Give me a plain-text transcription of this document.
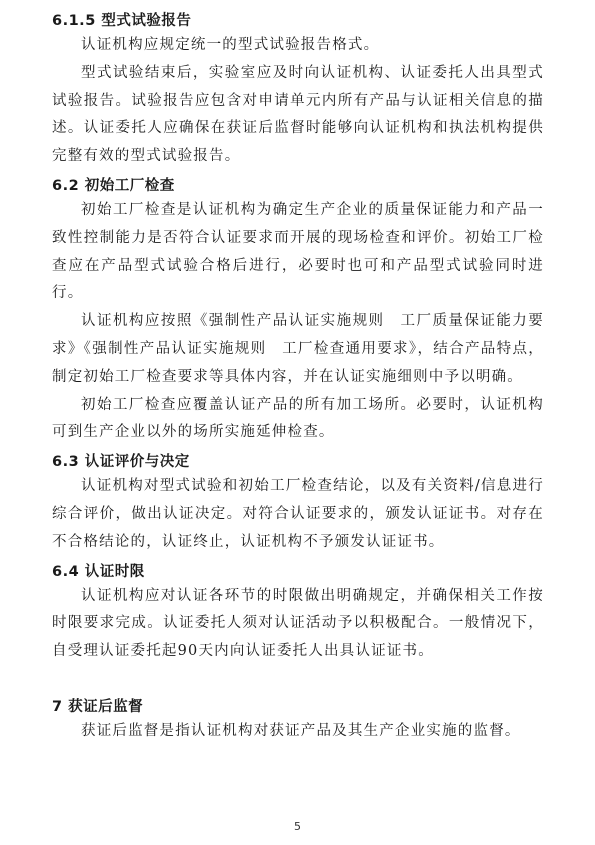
6.1.5 型式试验报告

认证机构应规定统一的型式试验报告格式。

型式试验结束后，实验室应及时向认证机构、认证委托人出具型式试验报告。试验报告应包含对申请单元内所有产品与认证相关信息的描述。认证委托人应确保在获证后监督时能够向认证机构和执法机构提供完整有效的型式试验报告。

6.2 初始工厂检查

初始工厂检查是认证机构为确定生产企业的质量保证能力和产品一致性控制能力是否符合认证要求而开展的现场检查和评价。初始工厂检查应在产品型式试验合格后进行，必要时也可和产品型式试验同时进行。

认证机构应按照《强制性产品认证实施规则　工厂质量保证能力要求》《强制性产品认证实施规则　工厂检查通用要求》，结合产品特点，制定初始工厂检查要求等具体内容，并在认证实施细则中予以明确。

初始工厂检查应覆盖认证产品的所有加工场所。必要时，认证机构可到生产企业以外的场所实施延伸检查。

6.3 认证评价与决定

认证机构对型式试验和初始工厂检查结论，以及有关资料/信息进行综合评价，做出认证决定。对符合认证要求的，颁发认证证书。对存在不合格结论的，认证终止，认证机构不予颁发认证证书。

6.4 认证时限

认证机构应对认证各环节的时限做出明确规定，并确保相关工作按时限要求完成。认证委托人须对认证活动予以积极配合。一般情况下，自受理认证委托起90天内向认证委托人出具认证证书。

7 获证后监督

获证后监督是指认证机构对获证产品及其生产企业实施的监督。

5
